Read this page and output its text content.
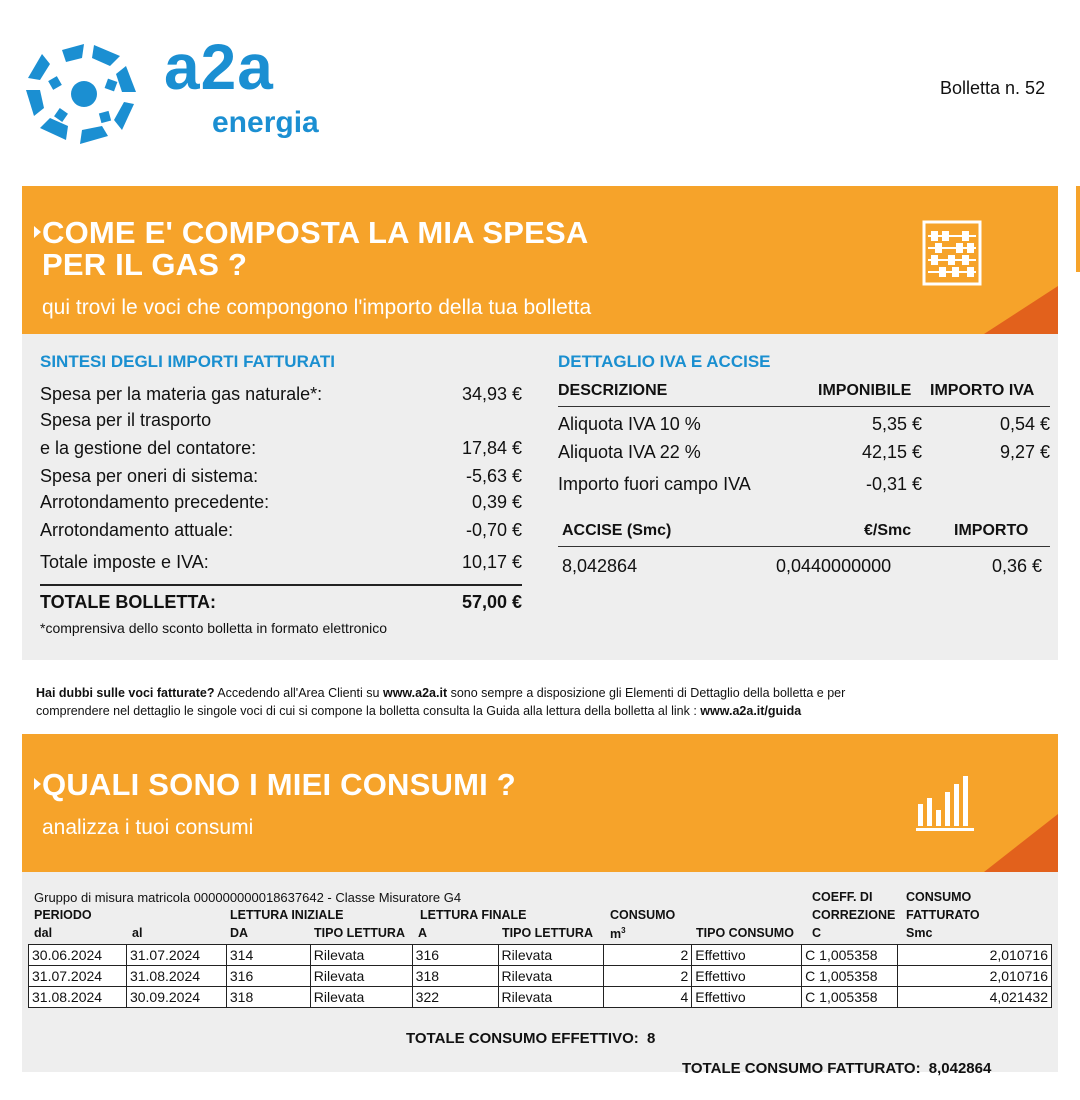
a2a
energia
Bolletta n. 52
COME E' COMPOSTA LA MIA SPESA
PER IL GAS ?
qui trovi le voci che compongono l'importo della tua bolletta
SINTESI DEGLI IMPORTI FATTURATI
Spesa per la materia gas naturale*:	34,93 €
Spesa per il trasporto
e la gestione del contatore:	17,84 €
Spesa per oneri di sistema:	-5,63 €
Arrotondamento precedente:	0,39 €
Arrotondamento attuale:	-0,70 €
Totale imposte e IVA:	10,17 €
TOTALE BOLLETTA:	57,00 €
*comprensiva dello sconto bolletta in formato elettronico
DETTAGLIO IVA E ACCISE
DESCRIZIONE	IMPONIBILE IMPORTO IVA
Aliquota IVA 10 %	5,35 €	0,54 €
Aliquota IVA 22 %	42,15 €	9,27 €
Importo fuori campo IVA	-0,31 €
ACCISE (Smc)	€/Smc	IMPORTO
8,042864	0,0440000000	0,36 €
Hai dubbi sulle voci fatturate? Accedendo all'Area Clienti su www.a2a.it sono sempre a disposizione gli Elementi di Dettaglio della bolletta e per
comprendere nel dettaglio le singole voci di cui si compone la bolletta consulta la Guida alla lettura della bolletta al link : www.a2a.it/guida
QUALI SONO I MIEI CONSUMI ?
analizza i tuoi consumi
Gruppo di misura matricola 000000000018637642 - Classe Misuratore G4
PERIODO
dal	al
LETTURA INIZIALE
DA	TIPO LETTURA
LETTURA FINALE
A	TIPO LETTURA
CONSUMO
$m^3$	TIPO CONSUMO
COEFF. DI
CORREZIONE
C
CONSUMO
FATTURATO
Smc
30.06.2024	31.07.2024	314	Rilevata	316	Rilevata	2	Effettivo	C 1,005358	2,010716
31.07.2024	31.08.2024	316	Rilevata	318	Rilevata	2	Effettivo	C 1,005358	2,010716
31.08.2024	30.09.2024	318	Rilevata	322	Rilevata	4	Effettivo	C 1,005358	4,021432
TOTALE CONSUMO EFFETTIVO: 8
TOTALE CONSUMO FATTURATO: 8,042864
